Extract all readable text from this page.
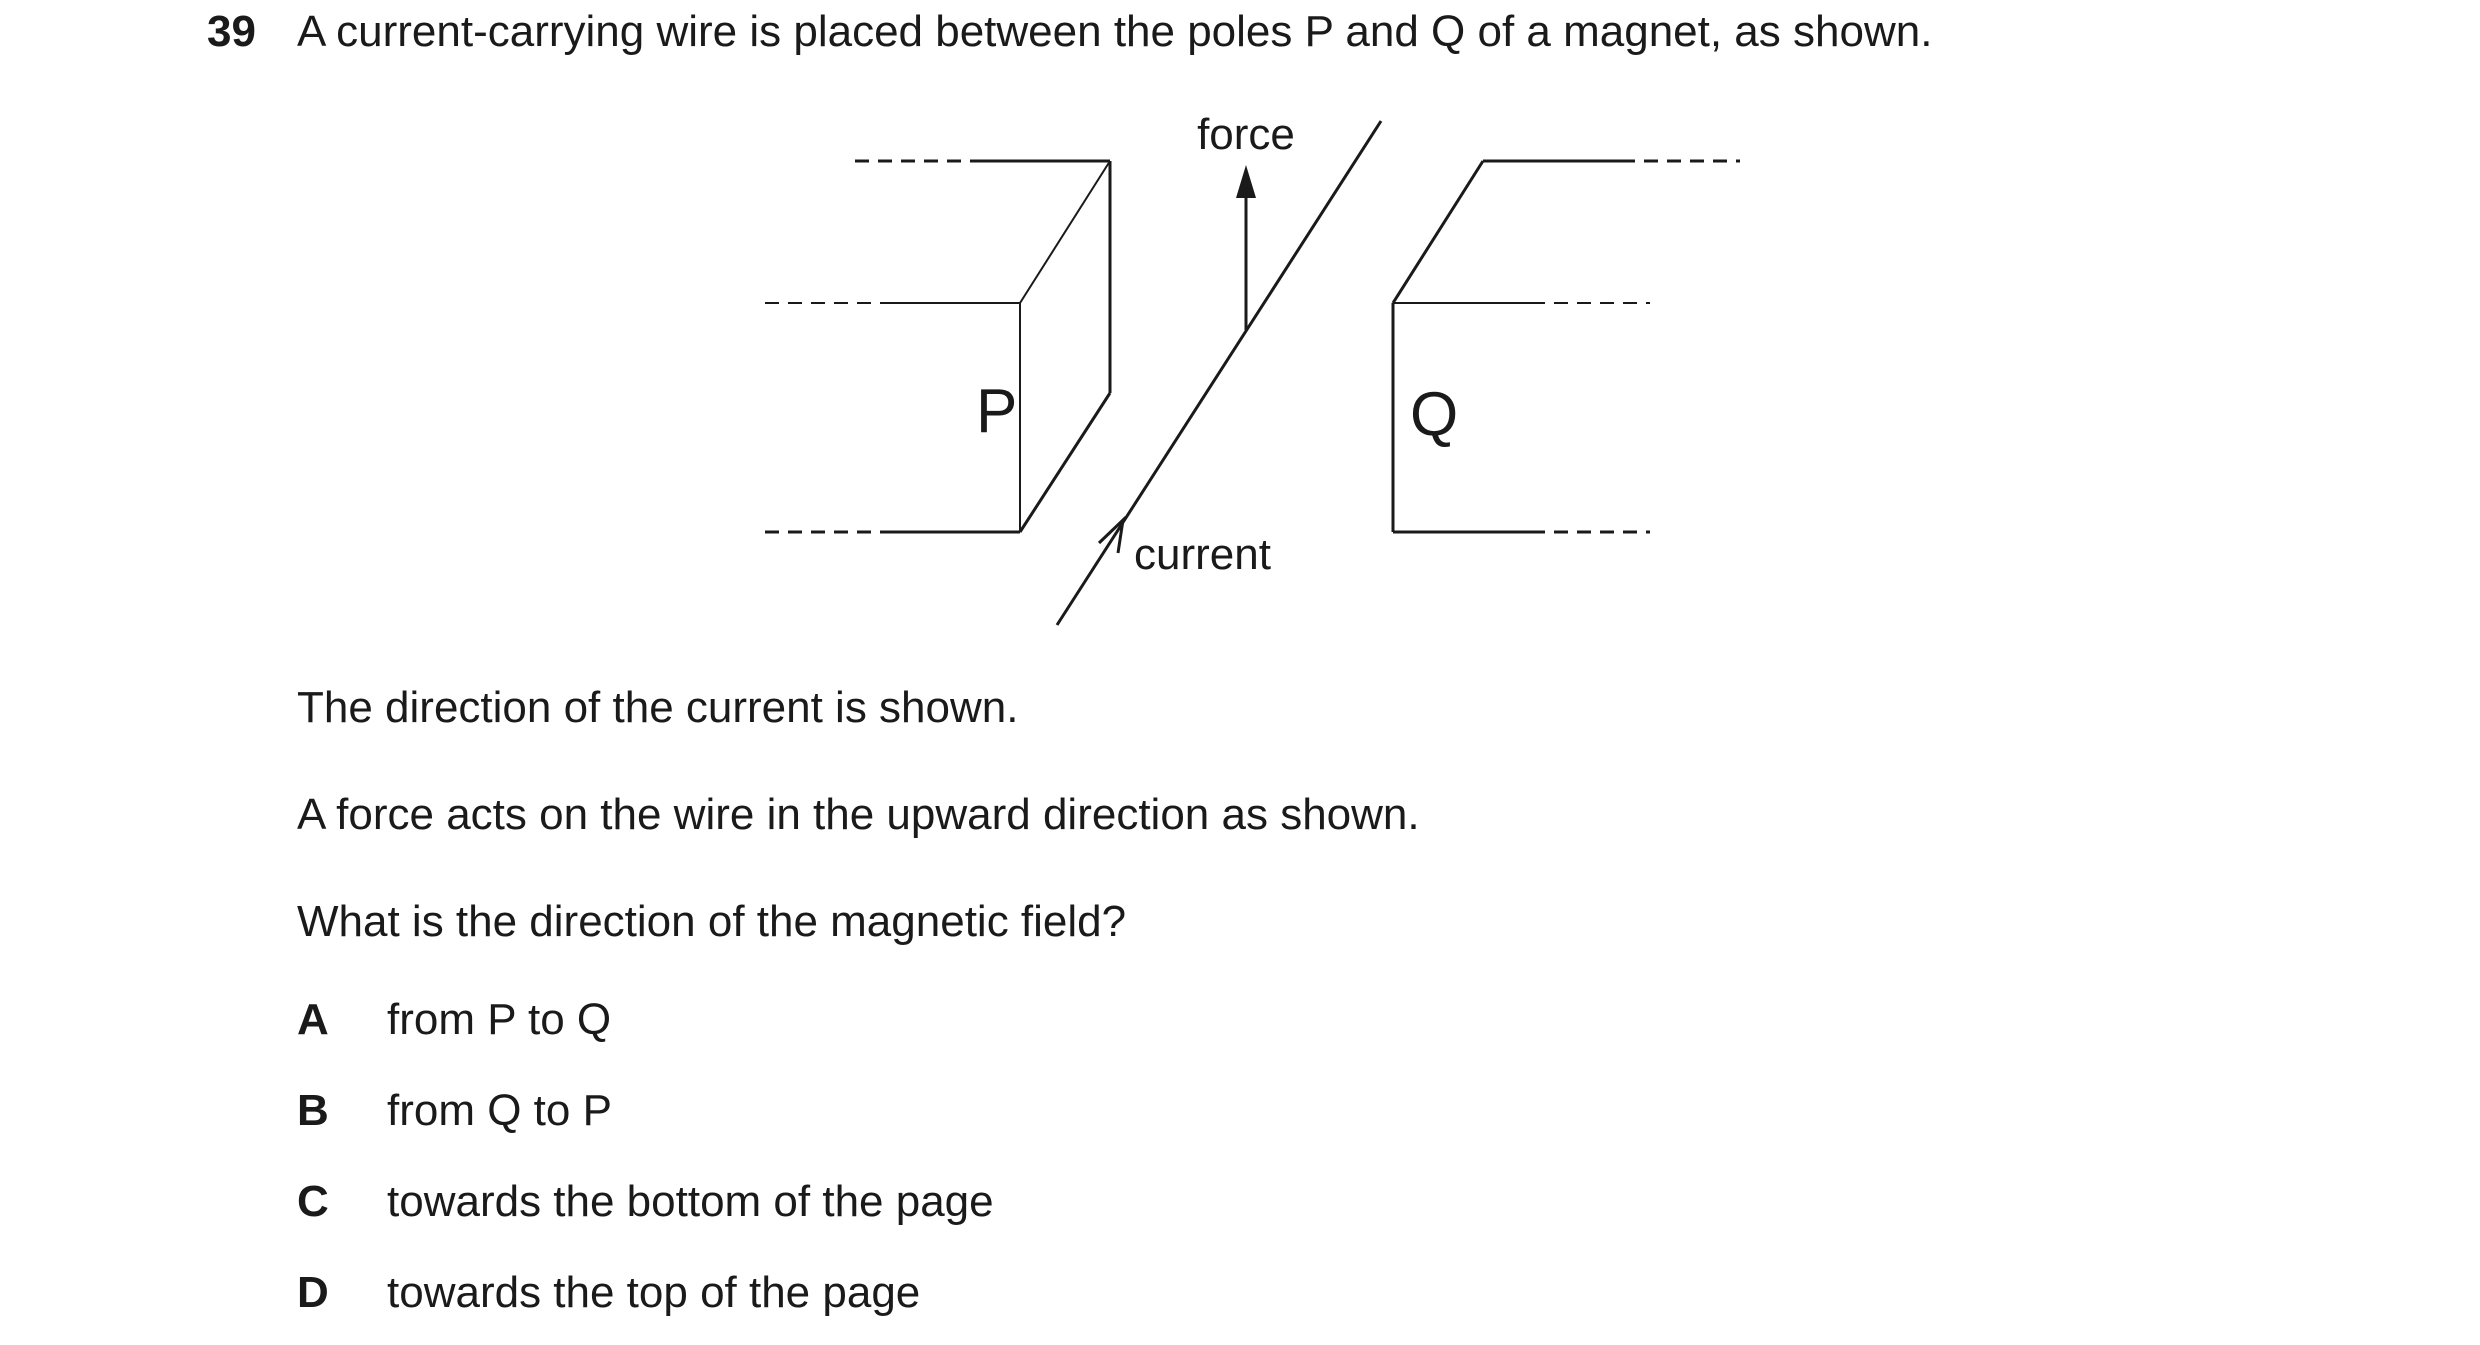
39 A current-carrying wire is placed between the poles P and Q of a magnet, as shown.
P	Q
force
current
The direction of the current is shown.
A force acts on the wire in the upward direction as shown.
What is the direction of the magnetic field?
A from P to Q
B from Q to P
C towards the bottom of the page
D towards the top of the page
